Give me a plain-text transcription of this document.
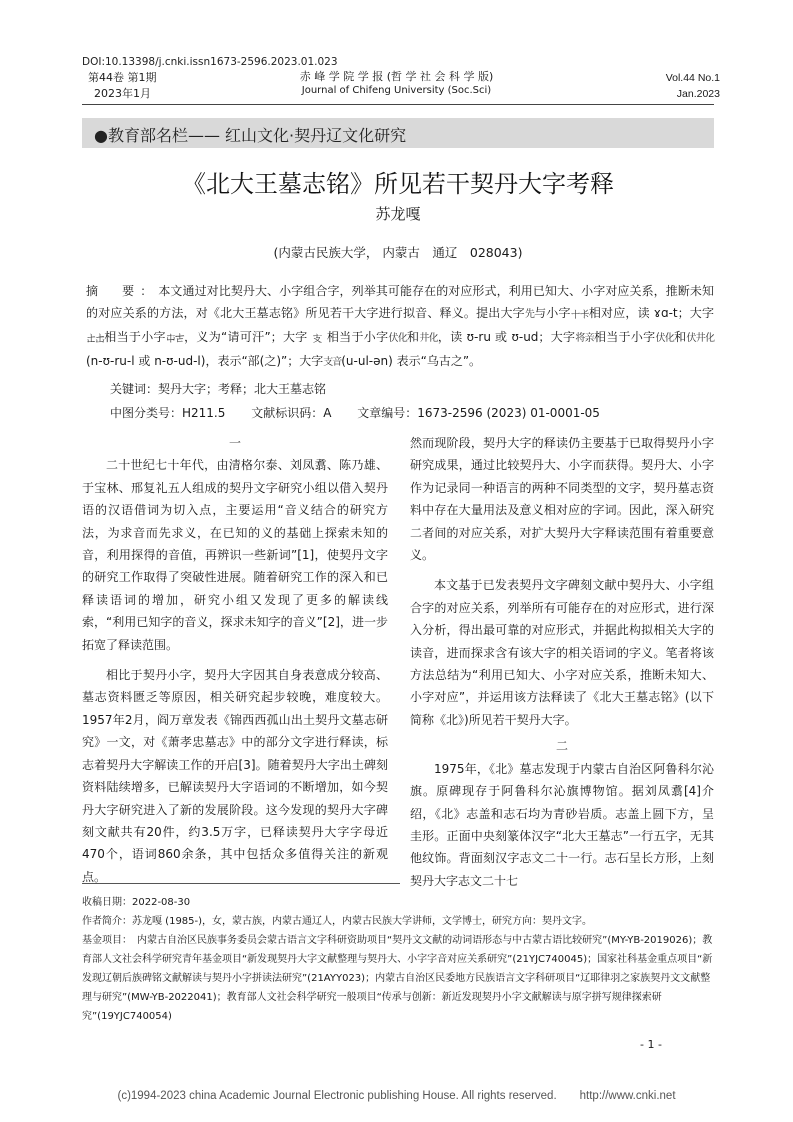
DOI:10.13398/j.cnki.issn1673-2596.2023.01.023
第44卷 第1期
2023年1月
赤 峰 学 院 学 报 (哲 学 社 会 科 学 版)
Journal of Chifeng University (Soc.Sci)
Vol.44 No.1
Jan.2023
●教育部名栏—— 红山文化·契丹辽文化研究
《北大王墓志铭》所见若干契丹大字考释
苏龙嘎
(内蒙古民族大学， 内蒙古　通辽　028043)
摘　要：本文通过对比契丹大、小字组合字，列举其可能存在的对应形式，利用已知大、小字对应关系，推断未知的对应关系的方法，对《北大王墓志铭》所见若干大字进行拟音、释义。提出大字先与小字𘬶𘬷相对应，读 ɤɑ-t；大字𘬸𘬹相当于小字𘬺𘬻，义为“请可汗”；大字𘬼相当于小字伏化和井化，读 ʊ-ru 或 ʊ-ud；大字将亲相当于小字伏化和伏井化(n-ʊ-ru-l 或 n-ʊ-ud-l)，表示“部(之)”；大字支音(u-ul-ən) 表示“乌古之”。
关键词：契丹大字；考释；北大王墓志铭
中图分类号：H211.5 文献标识码：A 文章编号：1673-2596 (2023) 01-0001-05

一

二十世纪七十年代，由清格尔泰、刘凤翥、陈乃雄、于宝林、邢复礼五人组成的契丹文字研究小组以借入契丹语的汉语借词为切入点，主要运用“音义结合的研究方法，为求音而先求义，在已知的义的基础上探索未知的音，利用探得的音值，再辨识一些新词”[1]，使契丹文字的研究工作取得了突破性进展。随着研究工作的深入和已释读语词的增加，研究小组又发现了更多的解读线索，“利用已知字的音义，探求未知字的音义”[2]，进一步拓宽了释读范围。

相比于契丹小字，契丹大字因其自身表意成分较高、墓志资料匮乏等原因，相关研究起步较晚，难度较大。1957年2月，阎万章发表《锦西西孤山出土契丹文墓志研究》一文，对《萧孝忠墓志》中的部分文字进行释读，标志着契丹大字解读工作的开启[3]。随着契丹大字出土碑刻资料陆续增多，已解读契丹大字语词的不断增加，如今契丹大字研究进入了新的发展阶段。这今发现的契丹大字碑刻文献共有20件，约3.5万字，已释读契丹大字字母近470个，语词860余条，其中包括众多值得关注的新观点。

然而现阶段，契丹大字的释读仍主要基于已取得契丹小字研究成果，通过比较契丹大、小字而获得。契丹大、小字作为记录同一种语言的两种不同类型的文字，契丹墓志资料中存在大量用法及意义相对应的字词。因此，深入研究二者间的对应关系，对扩大契丹大字释读范围有着重要意义。

本文基于已发表契丹文字碑刻文献中契丹大、小字组合字的对应关系，列举所有可能存在的对应形式，进行深入分析，得出最可靠的对应形式，并据此构拟相关大字的读音，进而探求含有该大字的相关语词的字义。笔者将该方法总结为“利用已知大、小字对应关系，推断未知大、小字对应”，并运用该方法释读了《北大王墓志铭》(以下简称《北》)所见若干契丹大字。

二

1975年，《北》墓志发现于内蒙古自治区阿鲁科尔沁旗。原碑现存于阿鲁科尔沁旗博物馆。据刘凤翥[4]介绍，《北》志盖和志石均为青砂岩质。志盖上圆下方，呈圭形。正面中央刻篆体汉字“北大王墓志”一行五字，无其他纹饰。背面刻汉字志文二十一行。志石呈长方形，上刻契丹大字志文二十七

收稿日期：2022-08-30
作者简介：苏龙嘎 (1985-)，女，蒙古族，内蒙古通辽人，内蒙古民族大学讲师，文学博士，研究方向：契丹文字。
基金项目：　内蒙古自治区民族事务委员会蒙古语言文字科研资助项目“契丹文文献的动词语形态与中古蒙古语比较研究”(MY-YB-2019026)；教育部人文社会科学研究青年基金项目“新发现契丹大字文献整理与契丹大、小字字音对应关系研究”(21YJC740045)；国家社科基金重点项目“新发现辽朝后族碑铭文献解读与契丹小字拼读法研究”(21AYY023)；内蒙古自治区民委地方民族语言文字科研项目“辽耶律羽之家族契丹文文献整理与研究”(MW-YB-2022041)；教育部人文社会科学研究一般项目“传承与创新：新近发现契丹小字文献解读与原字拼写规律探索研究”(19YJC740054)
- 1 -
(c)1994-2023 china Academic Journal Electronic publishing House. All rights reserved.　　http://www.cnki.net
